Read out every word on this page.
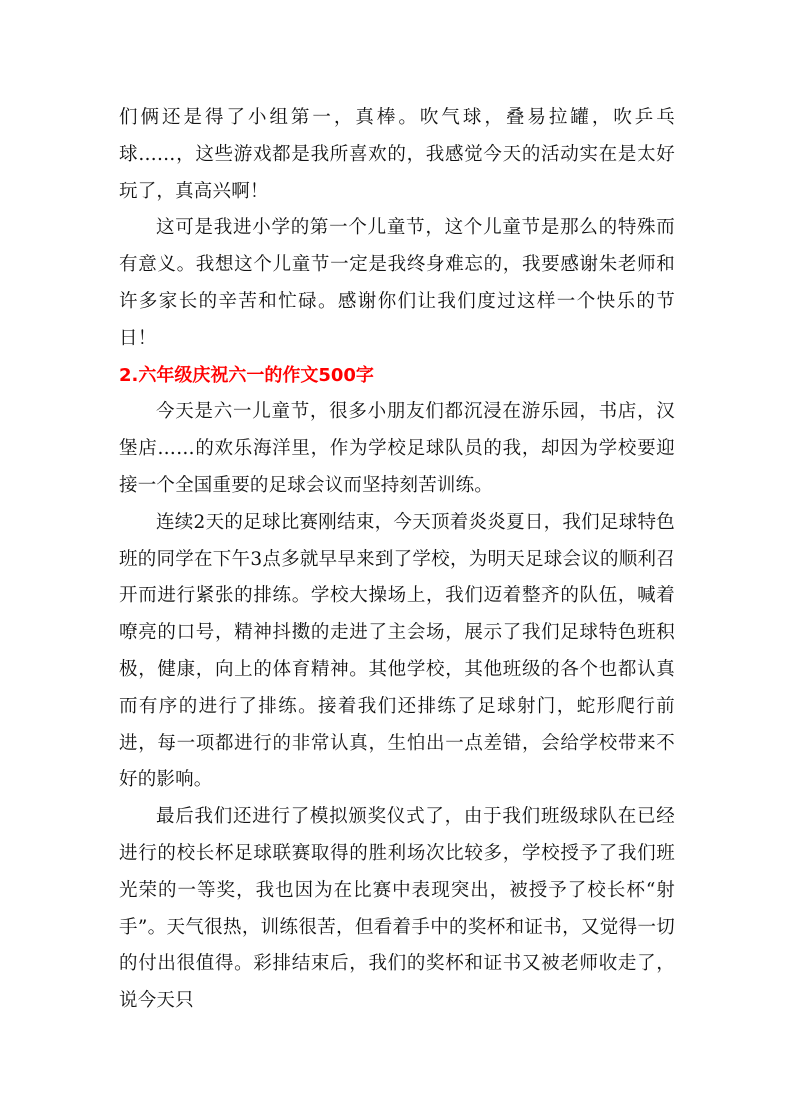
们俩还是得了小组第一，真棒。吹气球，叠易拉罐，吹乒乓球……，这些游戏都是我所喜欢的，我感觉今天的活动实在是太好玩了，真高兴啊！

这可是我进小学的第一个儿童节，这个儿童节是那么的特殊而有意义。我想这个儿童节一定是我终身难忘的，我要感谢朱老师和许多家长的辛苦和忙碌。感谢你们让我们度过这样一个快乐的节日！

2.六年级庆祝六一的作文500字

今天是六一儿童节，很多小朋友们都沉浸在游乐园，书店，汉堡店……的欢乐海洋里，作为学校足球队员的我，却因为学校要迎接一个全国重要的足球会议而坚持刻苦训练。

连续2天的足球比赛刚结束，今天顶着炎炎夏日，我们足球特色班的同学在下午3点多就早早来到了学校，为明天足球会议的顺利召开而进行紧张的排练。学校大操场上，我们迈着整齐的队伍，喊着嘹亮的口号，精神抖擞的走进了主会场，展示了我们足球特色班积极，健康，向上的体育精神。其他学校，其他班级的各个也都认真而有序的进行了排练。接着我们还排练了足球射门，蛇形爬行前进，每一项都进行的非常认真，生怕出一点差错，会给学校带来不好的影响。

最后我们还进行了模拟颁奖仪式了，由于我们班级球队在已经进行的校长杯足球联赛取得的胜利场次比较多，学校授予了我们班光荣的一等奖，我也因为在比赛中表现突出，被授予了校长杯“射手”。天气很热，训练很苦，但看着手中的奖杯和证书，又觉得一切的付出很值得。彩排结束后，我们的奖杯和证书又被老师收走了，说今天只
